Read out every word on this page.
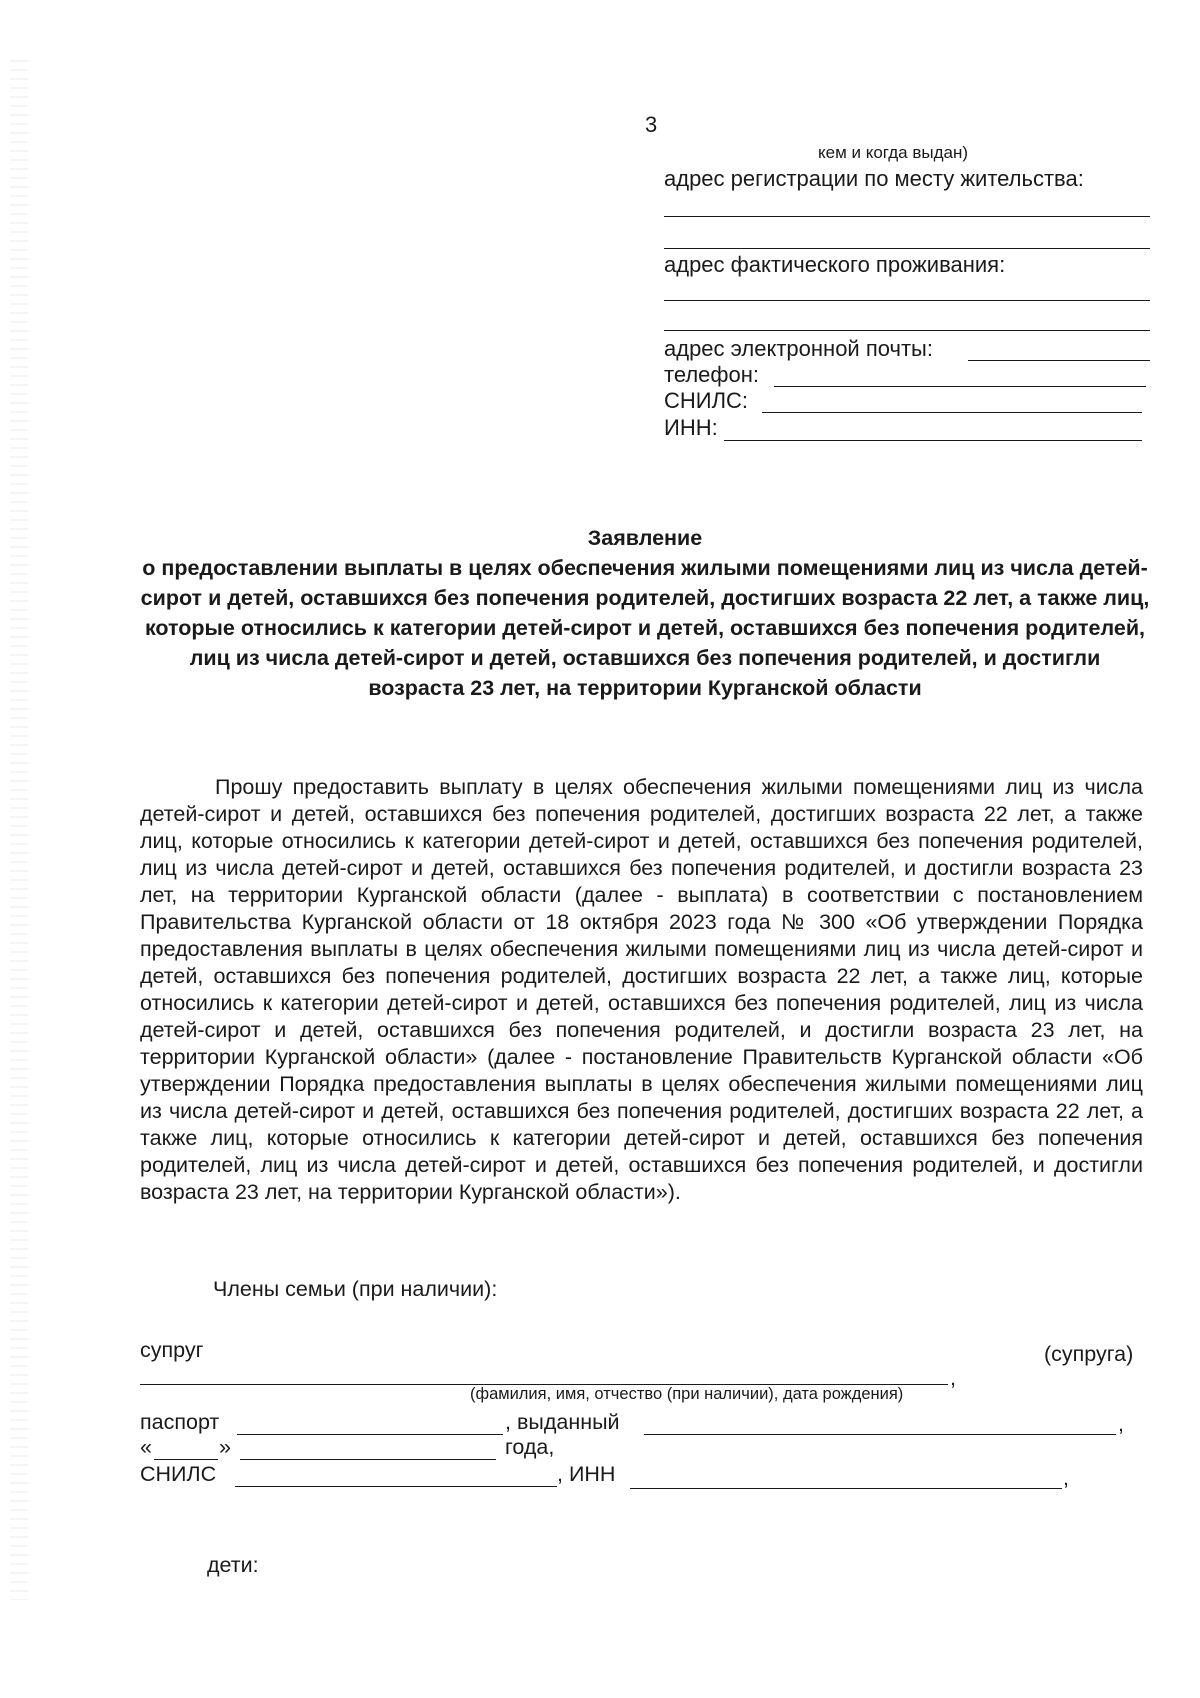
3
кем и когда выдан)
адрес регистрации по месту жительства:
адрес фактического проживания:
адрес электронной почты:
телефон:
СНИЛС:
ИНН:
Заявление
о предоставлении выплаты в целях обеспечения жилыми помещениями лиц из числа детей-сирот и детей, оставшихся без попечения родителей, достигших возраста 22 лет, а также лиц, которые относились к категории детей-сирот и детей, оставшихся без попечения родителей, лиц из числа детей-сирот и детей, оставшихся без попечения родителей, и достигли возраста 23 лет, на территории Курганской области

Прошу предоставить выплату в целях обеспечения жилыми помещениями лиц из числа детей-сирот и детей, оставшихся без попечения родителей, достигших возраста 22 лет, а также лиц, которые относились к категории детей-сирот и детей, оставшихся без попечения родителей, лиц из числа детей-сирот и детей, оставшихся без попечения родителей, и достигли возраста 23 лет, на территории Курганской области (далее - выплата) в соответствии с постановлением Правительства Курганской области от 18 октября 2023 года № 300 «Об утверждении Порядка предоставления выплаты в целях обеспечения жилыми помещениями лиц из числа детей-сирот и детей, оставшихся без попечения родителей, достигших возраста 22 лет, а также лиц, которые относились к категории детей-сирот и детей, оставшихся без попечения родителей, лиц из числа детей-сирот и детей, оставшихся без попечения родителей, и достигли возраста 23 лет, на территории Курганской области» (далее - постановление Правительств Курганской области «Об утверждении Порядка предоставления выплаты в целях обеспечения жилыми помещениями лиц из числа детей-сирот и детей, оставшихся без попечения родителей, достигших возраста 22 лет, а также лиц, которые относились к категории детей-сирот и детей, оставшихся без попечения родителей, лиц из числа детей-сирот и детей, оставшихся без попечения родителей, и достигли возраста 23 лет, на территории Курганской области»).

Члены семьи (при наличии):
супруг	(супруга)
,
(фамилия, имя, отчество (при наличии), дата рождения)
паспорт	, выданный	,
«	»	года,
СНИЛС	, ИНН	,
дети:
